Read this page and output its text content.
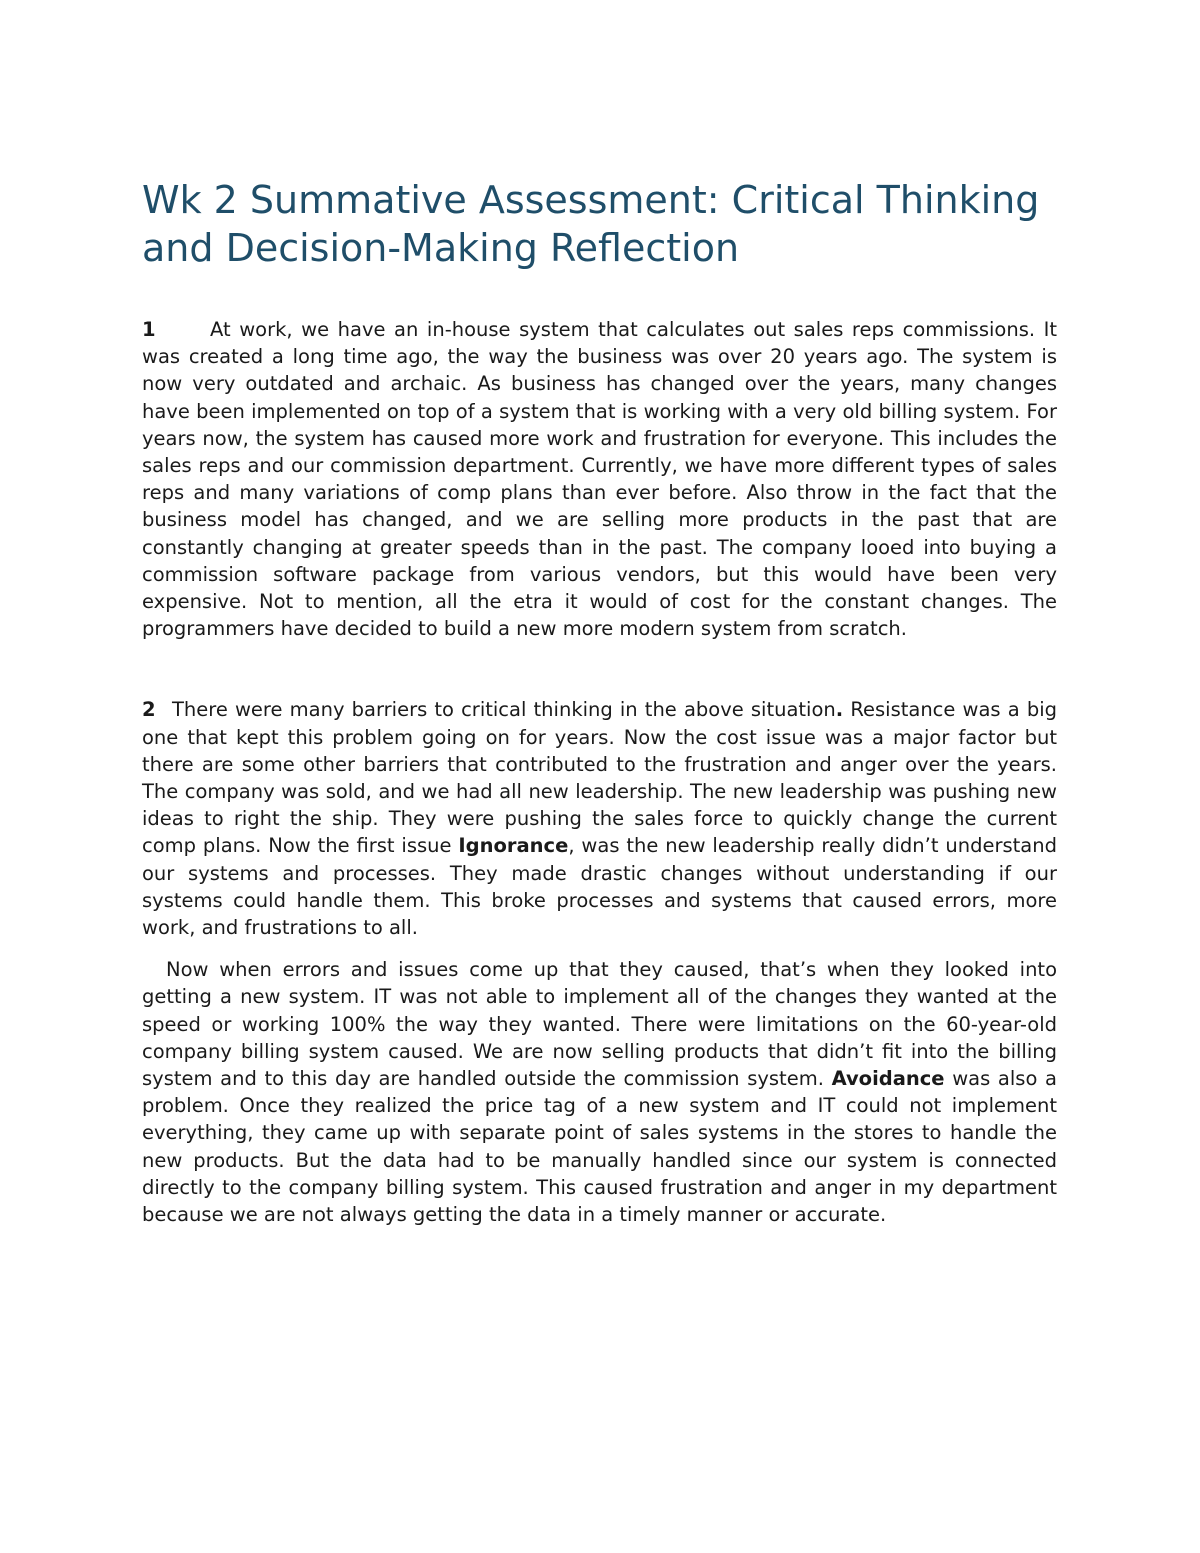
Wk 2 Summative Assessment: Critical Thinking and Decision-Making Reflection

1	At work, we have an in-house system that calculates out sales reps commissions. It was created a long time ago, the way the business was over 20 years ago. The system is now very outdated and archaic. As business has changed over the years, many changes have been implemented on top of a system that is working with a very old billing system. For years now, the system has caused more work and frustration for everyone. This includes the sales reps and our commission department. Currently, we have more different types of sales reps and many variations of comp plans than ever before. Also throw in the fact that the business model has changed, and we are selling more products in the past that are constantly changing at greater speeds than in the past. The company looed into buying a commission software package from various vendors, but this would have been very expensive. Not to mention, all the etra it would of cost for the constant changes. The programmers have decided to build a new more modern system from scratch.

2 There were many barriers to critical thinking in the above situation. Resistance was a big one that kept this problem going on for years. Now the cost issue was a major factor but there are some other barriers that contributed to the frustration and anger over the years. The company was sold, and we had all new leadership. The new leadership was pushing new ideas to right the ship. They were pushing the sales force to quickly change the current comp plans. Now the first issue Ignorance, was the new leadership really didn’t understand our systems and processes. They made drastic changes without understanding if our systems could handle them. This broke processes and systems that caused errors, more work, and frustrations to all.

Now when errors and issues come up that they caused, that’s when they looked into getting a new system. IT was not able to implement all of the changes they wanted at the speed or working 100% the way they wanted. There were limitations on the 60-year-old company billing system caused. We are now selling products that didn’t fit into the billing system and to this day are handled outside the commission system. Avoidance was also a problem. Once they realized the price tag of a new system and IT could not implement everything, they came up with separate point of sales systems in the stores to handle the new products. But the data had to be manually handled since our system is connected directly to the company billing system. This caused frustration and anger in my department because we are not always getting the data in a timely manner or accurate.
